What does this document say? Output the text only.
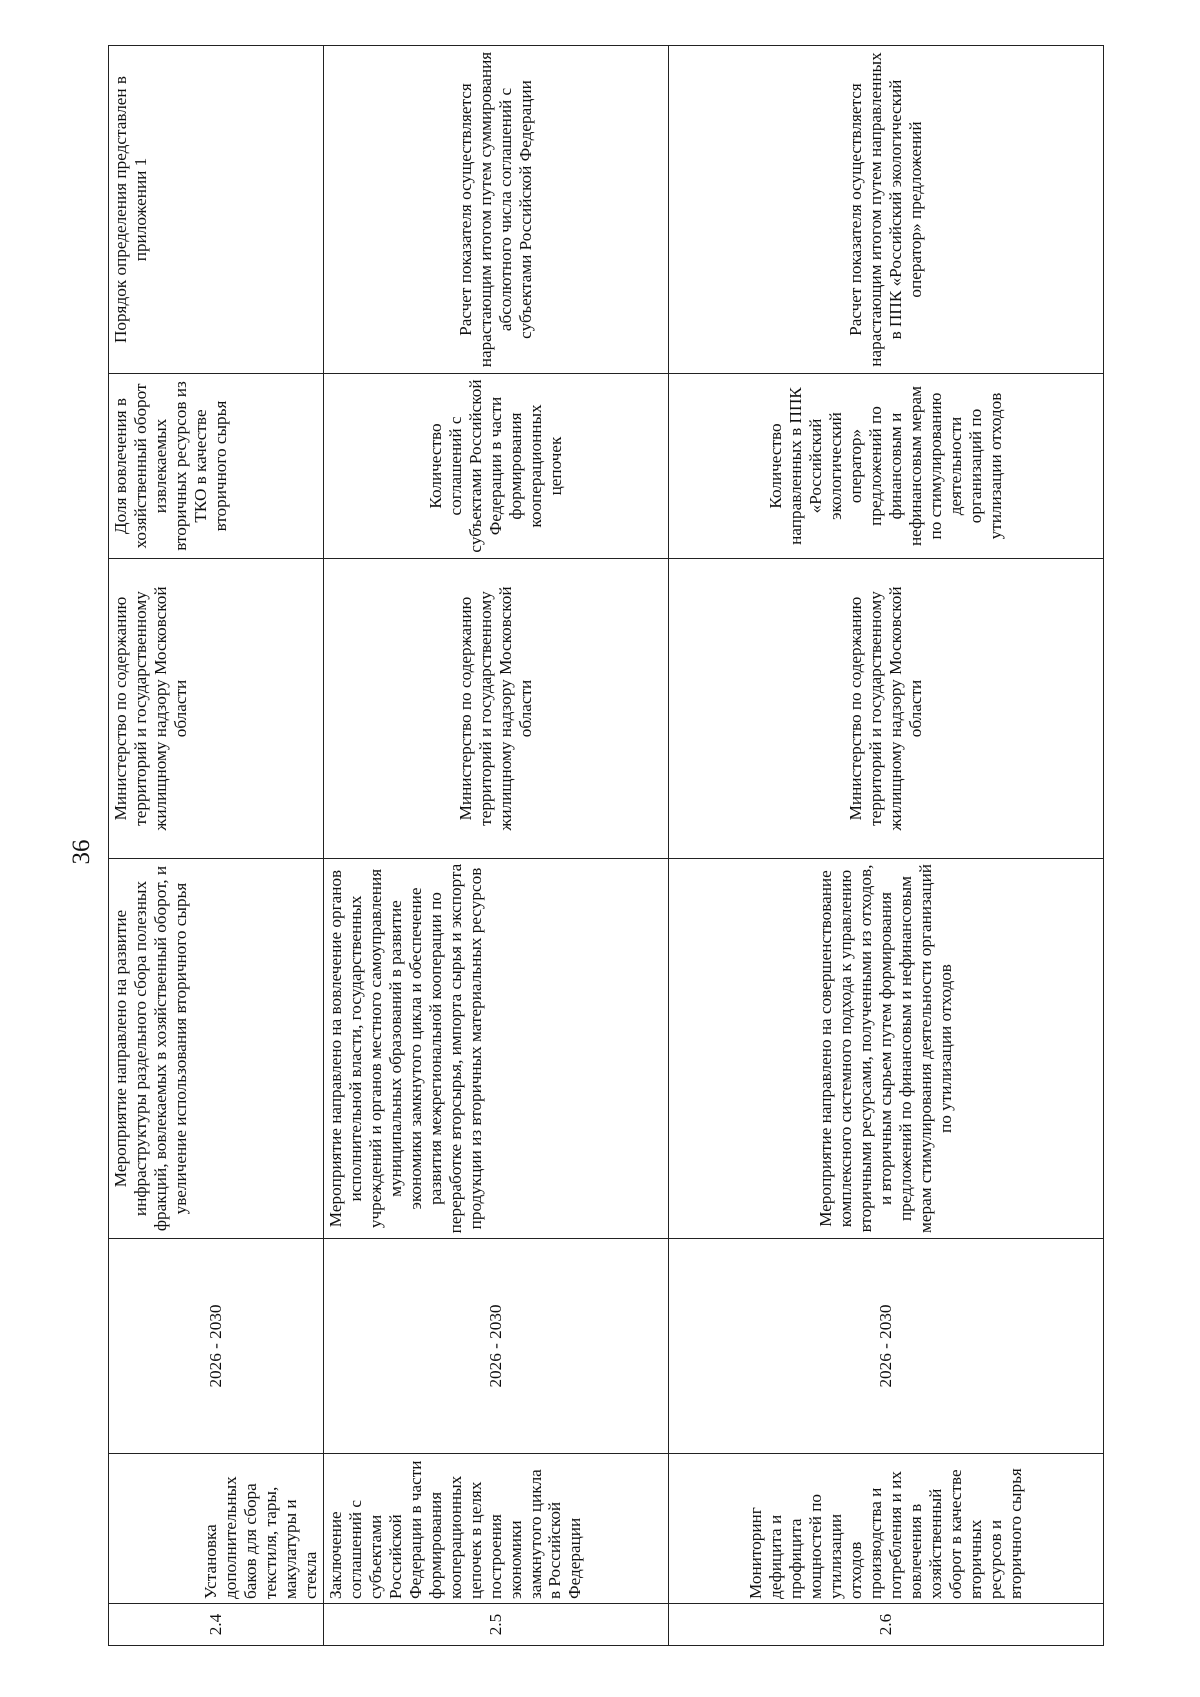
36
2.4	Установка дополнительных баков для сбора текстиля, тары, макулатуры и стекла	2026 - 2030	Мероприятие направлено на развитие инфраструктуры раздельного сбора полезных фракций, вовлекаемых в хозяйственный оборот, и увеличение использования вторичного сырья	Министерство по содержанию территорий и государственному жилищному надзору Московской области	Доля вовлечения в хозяйственный оборот извлекаемых вторичных ресурсов из ТКО в качестве вторичного сырья	Порядок определения представлен в приложении 1
2.5	Заключение соглашений с субъектами Российской Федерации в части формирования кооперационных цепочек в целях построения экономики замкнутого цикла в Российской Федерации	2026 - 2030	Мероприятие направлено на вовлечение органов исполнительной власти, государственных учреждений и органов местного самоуправления муниципальных образований в развитие экономики замкнутого цикла и обеспечение развития межрегиональной кооперации по переработке вторсырья, импорта сырья и экспорта продукции из вторичных материальных ресурсов	Министерство по содержанию территорий и государственному жилищному надзору Московской области	Количество соглашений с субъектами Российской Федерации в части формирования кооперационных цепочек	Расчет показателя осуществляется нарастающим итогом путем суммирования абсолютного числа соглашений с субъектами Российской Федерации
2.6	Мониторинг дефицита и профицита мощностей по утилизации отходов производства и потребления и их вовлечения в хозяйственный оборот в качестве вторичных ресурсов и вторичного сырья	2026 - 2030	Мероприятие направлено на совершенствование комплексного системного подхода к управлению вторичными ресурсами, полученными из отходов, и вторичным сырьем путем формирования предложений по финансовым и нефинансовым мерам стимулирования деятельности организаций по утилизации отходов	Министерство по содержанию территорий и государственному жилищному надзору Московской области	Количество направленных в ППК «Российский экологический оператор» предложений по финансовым и нефинансовым мерам по стимулированию деятельности организаций по утилизации отходов	Расчет показателя осуществляется нарастающим итогом путем направленных в ППК «Российский экологический оператор» предложений
